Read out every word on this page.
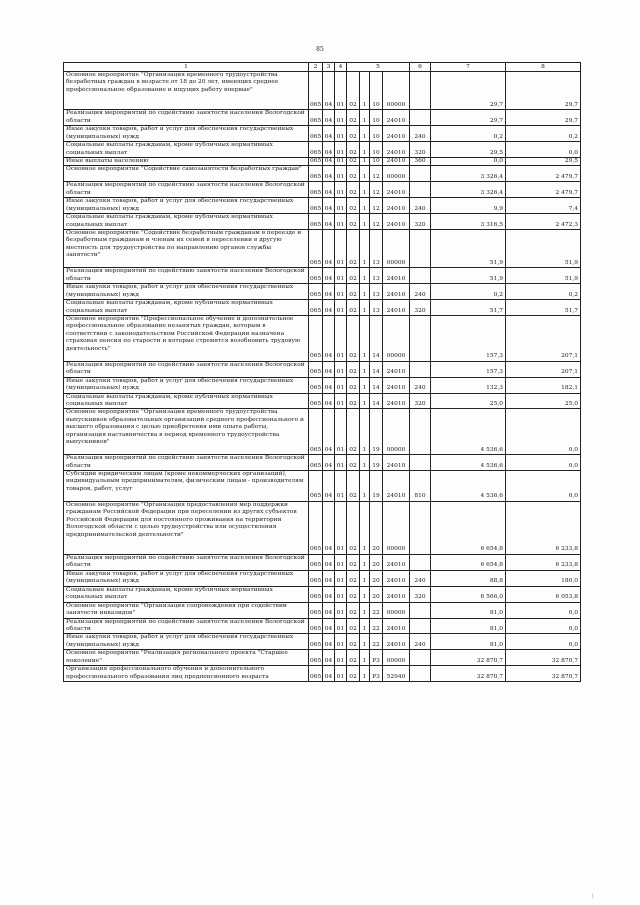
85
1	2	3	4	5				6	7	8
Основное мероприятие "Организация временного трудоустройства безработных граждан в возрасте от 18 до 20 лет, имеющих среднее профессиональное образование и ищущих работу впервые"	065	04	01	02	1	10	00000		29,7	29,7
Реализация мероприятий по содействию занятости населения Вологодской области	065	04	01	02	1	10	24010		29,7	29,7
Иные закупки товаров, работ и услуг для обеспечения государственных (муниципальных) нужд	065	04	01	02	1	10	24010	240	0,2	0,2
Социальные выплаты гражданам, кроме публичных нормативных социальных выплат	065	04	01	02	1	10	24010	320	29,5	0,0
Иные выплаты населению	065	04	01	02	1	10	24010	360	0,0	29,5
Основное мероприятие "Содействие самозанятости безработных граждан"	065	04	01	02	1	12	00000		3 326,4	2 479,7
Реализация мероприятий по содействию занятости населения Вологодской области	065	04	01	02	1	12	24010		3 326,4	2 479,7
Иные закупки товаров, работ и услуг для обеспечения государственных (муниципальных) нужд	065	04	01	02	1	12	24010	240	9,9	7,4
Социальные выплаты гражданам, кроме публичных нормативных социальных выплат	065	04	01	02	1	12	24010	320	3 316,5	2 472,3
Основное мероприятие "Содействие безработным гражданам в переезде и безработным гражданам и членам их семей в переселении в другую местность для трудоустройства по направлению органов службы занятости"	065	04	01	02	1	13	00000		51,9	51,9
Реализация мероприятий по содействию занятости населения Вологодской области	065	04	01	02	1	13	24010		51,9	51,9
Иные закупки товаров, работ и услуг для обеспечения государственных (муниципальных) нужд	065	04	01	02	1	13	24010	240	0,2	0,2
Социальные выплаты гражданам, кроме публичных нормативных социальных выплат	065	04	01	02	1	13	24010	320	51,7	51,7
Основное мероприятие "Профессиональное обучение и дополнительное профессиональное образование незанятых граждан, которым в соответствии с законодательством Российской Федерации назначена страховая пенсия по старости и которые стремятся возобновить трудовую деятельность"	065	04	01	02	1	14	00000		157,3	207,1
Реализация мероприятий по содействию занятости населения Вологодской области	065	04	01	02	1	14	24010		157,3	207,1
Иные закупки товаров, работ и услуг для обеспечения государственных (муниципальных) нужд	065	04	01	02	1	14	24010	240	132,3	182,1
Социальные выплаты гражданам, кроме публичных нормативных социальных выплат	065	04	01	02	1	14	24010	320	25,0	25,0
Основное мероприятие "Организация временного трудоустройства выпускников образовательных организаций среднего профессионального и высшего образования с целью приобретения ими опыта работы, организация наставничества в период временного трудоустройства выпускников"	065	04	01	02	1	19	00000		4 536,6	0,0
Реализация мероприятий по содействию занятости населения Вологодской области	065	04	01	02	1	19	24010		4 536,6	0,0
Субсидии юридическим лицам (кроме некоммерческих организаций), индивидуальным предпринимателям, физическим лицам - производителям товаров, работ, услуг	065	04	01	02	1	19	24010	810	4 536,6	0,0
Основное мероприятие "Организация предоставления мер поддержки гражданам Российской Федерации при переселении из других субъектов Российской Федерации для постоянного проживания на территории Вологодской области с целью трудоустройства или осуществления предпринимательской деятельности"	065	04	01	02	1	20	00000		6 654,8	6 233,8
Реализация мероприятий по содействию занятости населения Вологодской области	065	04	01	02	1	20	24010		6 654,8	6 233,8
Иные закупки товаров, работ и услуг для обеспечения государственных (муниципальных) нужд	065	04	01	02	1	20	24010	240	88,8	180,0
Социальные выплаты гражданам, кроме публичных нормативных социальных выплат	065	04	01	02	1	20	24010	320	6 566,0	6 053,8
Основное мероприятие "Организация сопровождения при содействии занятости инвалидов"	065	04	01	02	1	22	00000		81,0	0,0
Реализация мероприятий по содействию занятости населения Вологодской области	065	04	01	02	1	22	24010		81,0	0,0
Иные закупки товаров, работ и услуг для обеспечения государственных (муниципальных) нужд	065	04	01	02	1	22	24010	240	81,0	0,0
Основное мероприятие "Реализация регионального проекта "Старшее поколение"	065	04	01	02	1	P3	00000		32 870,7	32 870,7
Организация профессионального обучения и дополнительного профессионального образования лиц предпенсионного возраста	065	04	01	02	1	P3	52940		32 870,7	32 870,7
|
